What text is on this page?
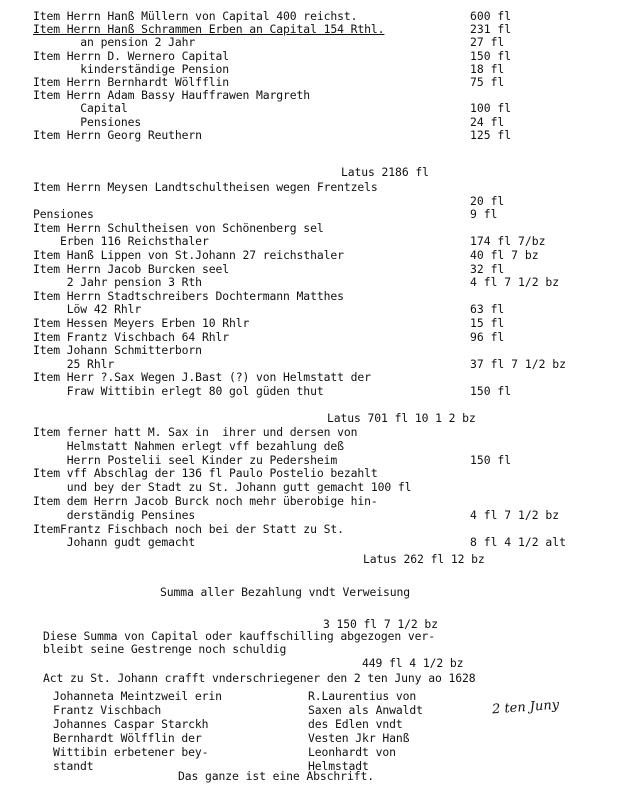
Item Herrn Hanß Müllern von Capital 400 reichst.	600 fl
Item Herrn Hanß Schrammen Erben an Capital 154 Rthl.	231 fl
an pension 2 Jahr	27 fl
Item Herrn D. Wernero Capital	150 fl
kinderständige Pension	18 fl
Item Herrn Bernhardt Wölfflin	75 fl
Item Herrn Adam Bassy Hauffrawen Margreth
Capital	100 fl
Pensiones	24 fl
Item Herrn Georg Reuthern	125 fl
Latus 2186 fl
Item Herrn Meysen Landtschultheisen wegen Frentzels
20 fl
Pensiones	9 fl
Item Herrn Schultheisen von Schönenberg sel
Erben 116 Reichsthaler	174 fl 7/bz
Item Hanß Lippen von St.Johann 27 reichsthaler	40 fl 7 bz
Item Herrn Jacob Burcken seel	32 fl
2 Jahr pension 3 Rth	4 fl 7 1/2 bz
Item Herrn Stadtschreibers Dochtermann Matthes
Löw 42 Rhlr	63 fl
Item Hessen Meyers Erben 10 Rhlr	15 fl
Item Frantz Vischbach 64 Rhlr	96 fl
Item Johann Schmitterborn
25 Rhlr	37 fl 7 1/2 bz
Item Herr ?.Sax Wegen J.Bast (?) von Helmstatt der
Fraw Wittibin erlegt 80 gol güden thut	150 fl
Latus 701 fl 10 1 2 bz
Item ferner hatt M. Sax in  ihrer und dersen von
Helmstatt Nahmen erlegt vff bezahlung deß
Herrn Postelii seel Kinder zu Pedersheim	150 fl
Item vff Abschlag der 136 fl Paulo Postelio bezahlt
und bey der Stadt zu St. Johann gutt gemacht 100 fl
Item dem Herrn Jacob Burck noch mehr überobige hin-
derständig Pensines	4 fl 7 1/2 bz
ItemFrantz Fischbach noch bei der Statt zu St.
Johann gudt gemacht	8 fl 4 1/2 alt
Latus 262 fl 12 bz
Summa aller Bezahlung vndt Verweisung
3 150 fl 7 1/2 bz
Diese Summa von Capital oder kauffschilling abgezogen ver-
bleibt seine Gestrenge noch schuldig
449 fl 4 1/2 bz
Act zu St. Johann crafft vnderschriegener den 2 ten Juny ao 1628
Johanneta Meintzweil erin
Frantz Vischbach
Johannes Caspar Starckh
Bernhardt Wölfflin der
Wittibin erbetener bey-
standt
R.Laurentius von
Saxen als Anwaldt
des Edlen vndt
Vesten Jkr Hanß
Leonhardt von
Helmstadt
2 ten Juny
Das ganze ist eine Abschrift.
